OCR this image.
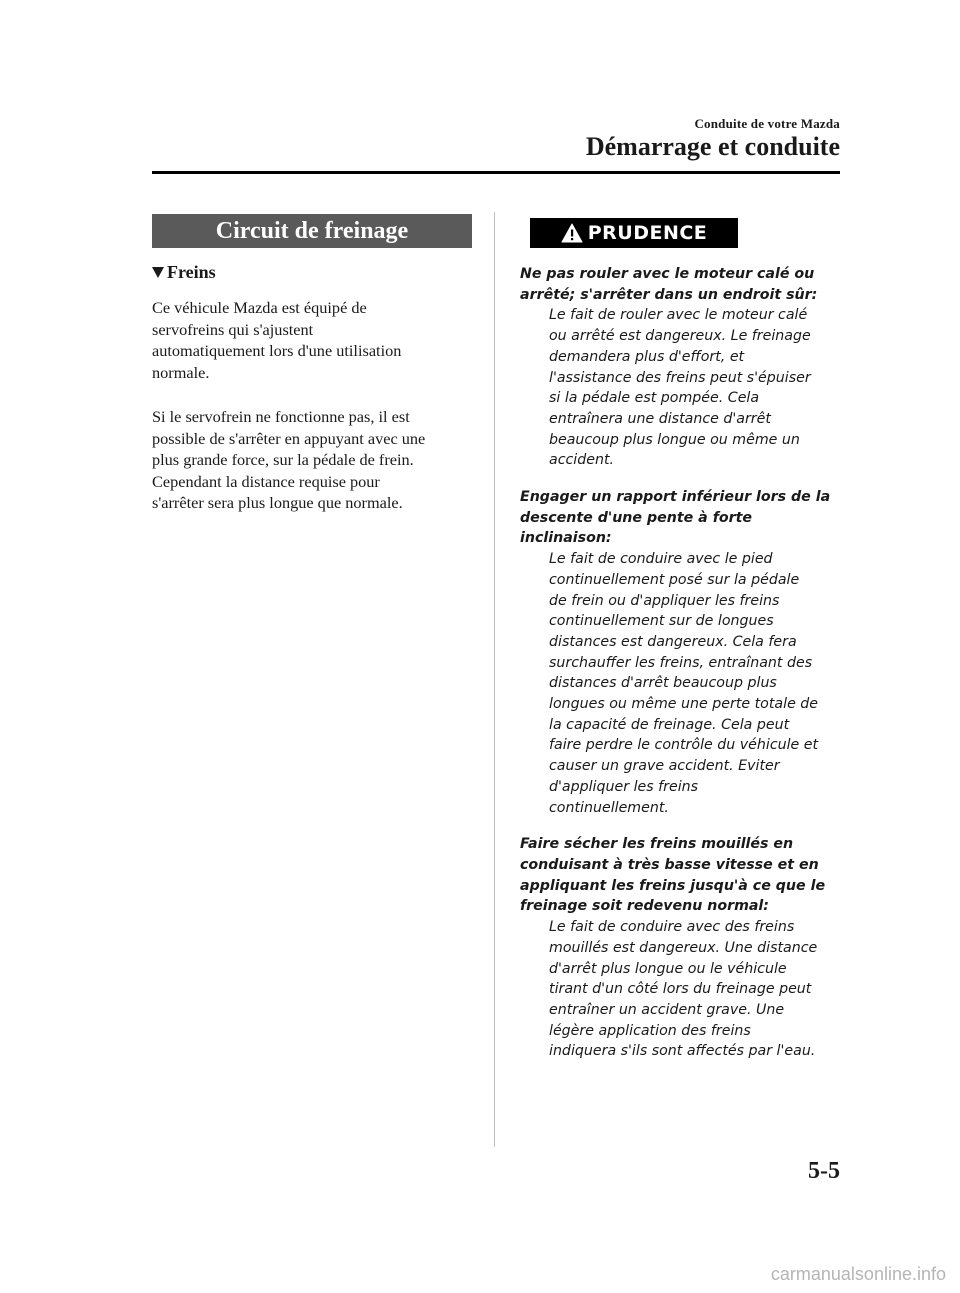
Conduite de votre Mazda
Démarrage et conduite
Circuit de freinage
Freins
Ce véhicule Mazda est équipé de
servofreins qui s'ajustent
automatiquement lors d'une utilisation
normale.
Si le servofrein ne fonctionne pas, il est
possible de s'arrêter en appuyant avec une
plus grande force, sur la pédale de frein.
Cependant la distance requise pour
s'arrêter sera plus longue que normale.
PRUDENCE
Ne pas rouler avec le moteur calé ou
arrêté; s'arrêter dans un endroit sûr:
Le fait de rouler avec le moteur calé
ou arrêté est dangereux. Le freinage
demandera plus d'effort, et
l'assistance des freins peut s'épuiser
si la pédale est pompée. Cela
entraînera une distance d'arrêt
beaucoup plus longue ou même un
accident.
Engager un rapport inférieur lors de la
descente d'une pente à forte
inclinaison:
Le fait de conduire avec le pied
continuellement posé sur la pédale
de frein ou d'appliquer les freins
continuellement sur de longues
distances est dangereux. Cela fera
surchauffer les freins, entraînant des
distances d'arrêt beaucoup plus
longues ou même une perte totale de
la capacité de freinage. Cela peut
faire perdre le contrôle du véhicule et
causer un grave accident. Eviter
d'appliquer les freins
continuellement.
Faire sécher les freins mouillés en
conduisant à très basse vitesse et en
appliquant les freins jusqu'à ce que le
freinage soit redevenu normal:
Le fait de conduire avec des freins
mouillés est dangereux. Une distance
d'arrêt plus longue ou le véhicule
tirant d'un côté lors du freinage peut
entraîner un accident grave. Une
légère application des freins
indiquera s'ils sont affectés par l'eau.
5-5
carmanualsonline.info
